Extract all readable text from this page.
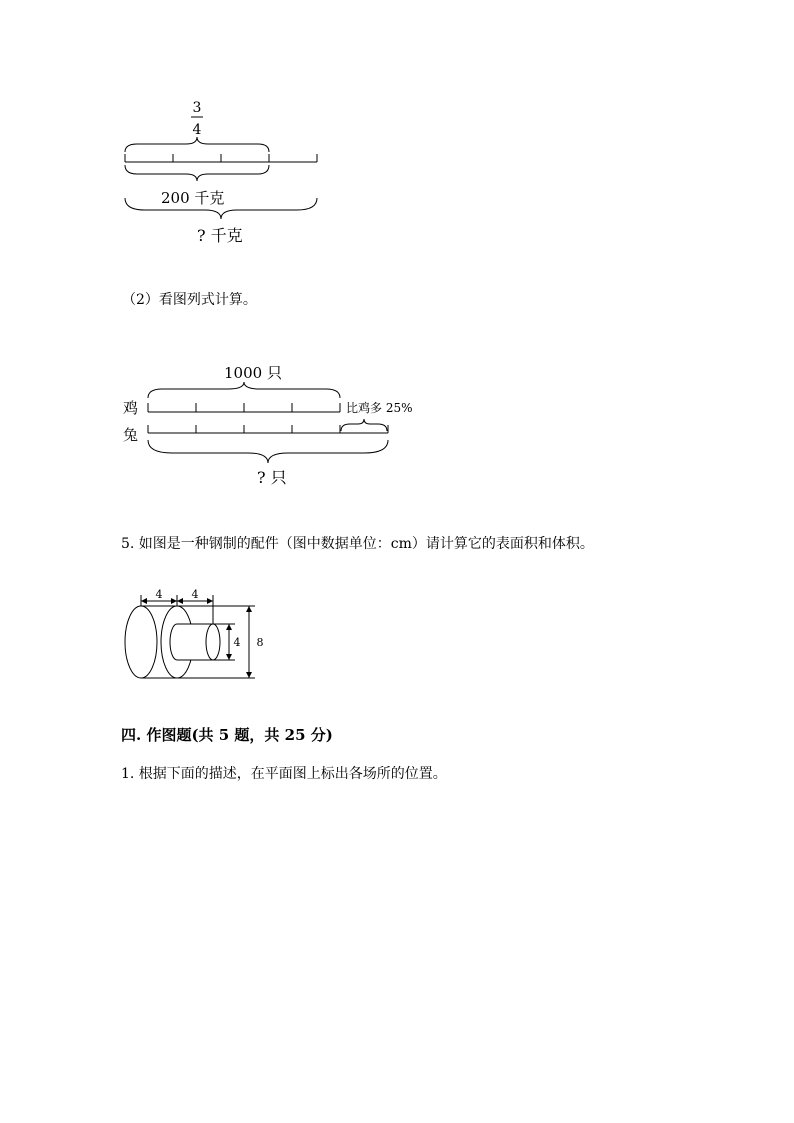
3
4
200 千克
? 千克
（2）看图列式计算。
1000 只
鸡
兔
比鸡多 25%
? 只
5. 如图是一种钢制的配件（图中数据单位：cm）请计算它的表面积和体积。
4	4
4 8
四. 作图题(共 5 题，共 25 分)
1. 根据下面的描述，在平面图上标出各场所的位置。
